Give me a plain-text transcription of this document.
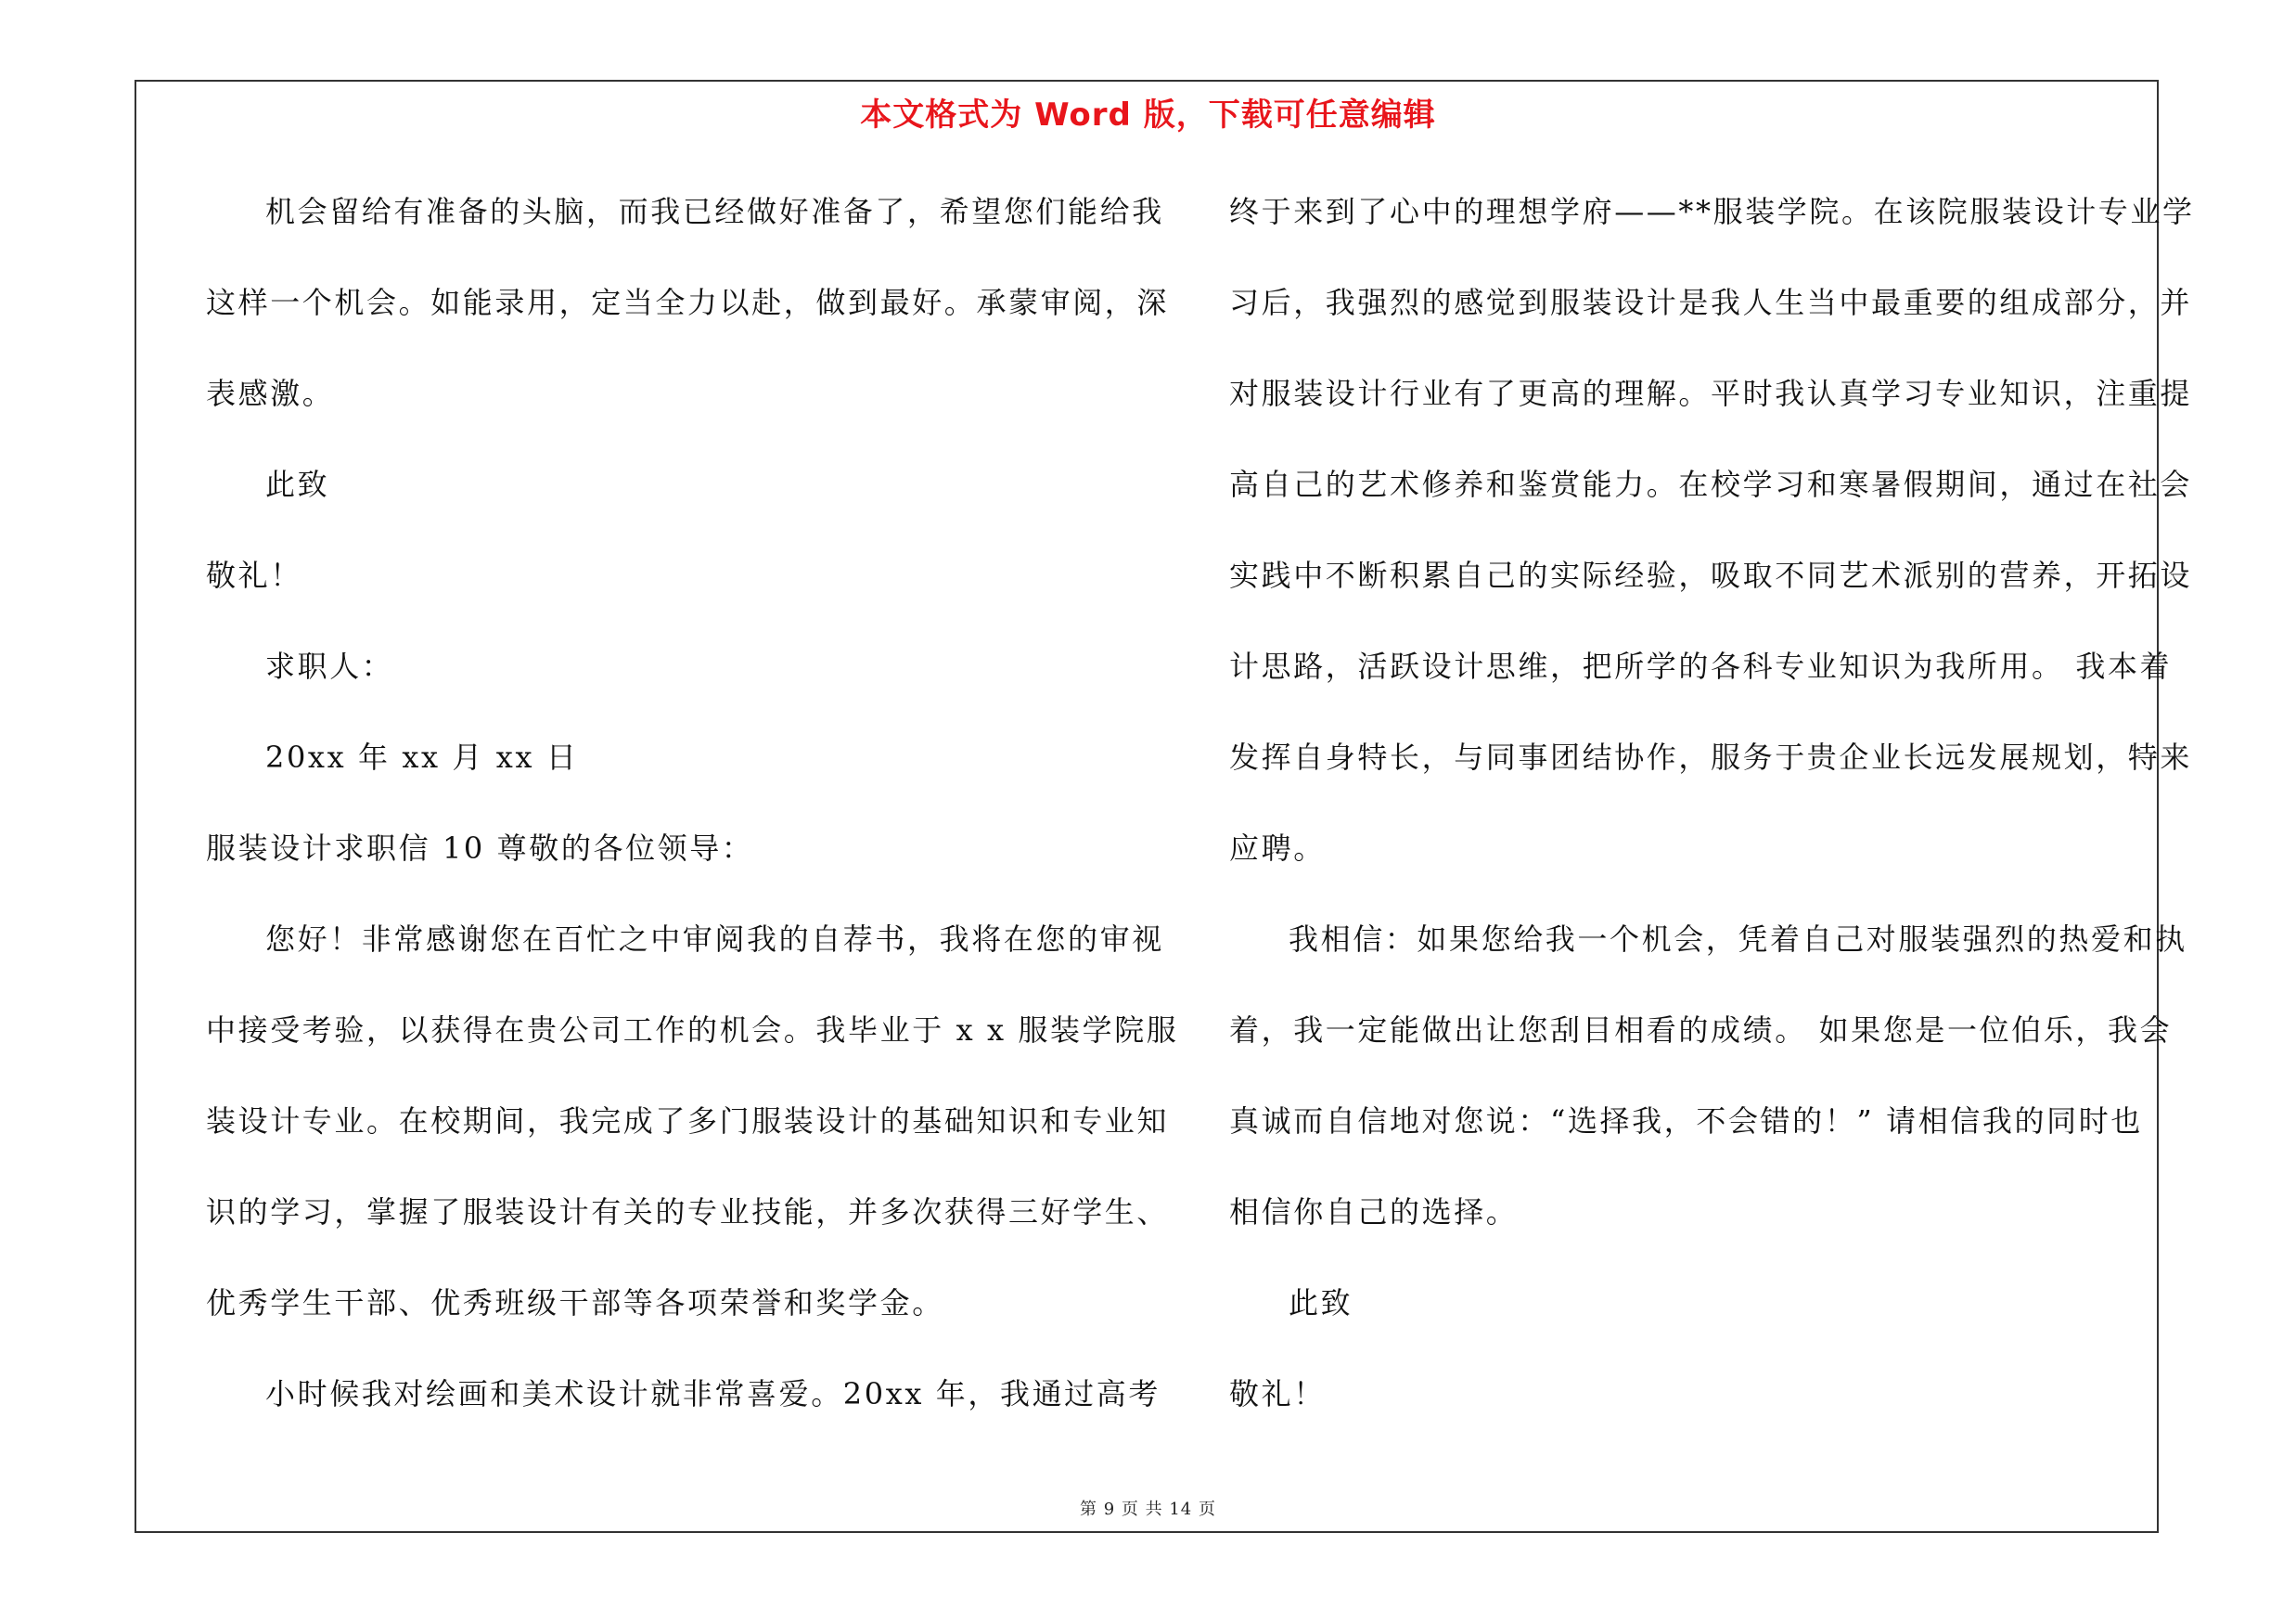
本文格式为 Word 版，下载可任意编辑
机会留给有准备的头脑，而我已经做好准备了，希望您们能给我
这样一个机会。如能录用，定当全力以赴，做到最好。承蒙审阅，深
表感激。
此致
敬礼！
求职人：
20xx 年 xx 月 xx 日
服装设计求职信 10 尊敬的各位领导：
您好！非常感谢您在百忙之中审阅我的自荐书，我将在您的审视
中接受考验，以获得在贵公司工作的机会。我毕业于 x x 服装学院服
装设计专业。在校期间，我完成了多门服装设计的基础知识和专业知
识的学习，掌握了服装设计有关的专业技能，并多次获得三好学生、
优秀学生干部、优秀班级干部等各项荣誉和奖学金。
小时候我对绘画和美术设计就非常喜爱。20xx 年，我通过高考
终于来到了心中的理想学府——**服装学院。在该院服装设计专业学
习后，我强烈的感觉到服装设计是我人生当中最重要的组成部分，并
对服装设计行业有了更高的理解。平时我认真学习专业知识，注重提
高自己的艺术修养和鉴赏能力。在校学习和寒暑假期间，通过在社会
实践中不断积累自己的实际经验，吸取不同艺术派别的营养，开拓设
计思路，活跃设计思维，把所学的各科专业知识为我所用。 我本着
发挥自身特长，与同事团结协作，服务于贵企业长远发展规划，特来
应聘。
我相信：如果您给我一个机会，凭着自己对服装强烈的热爱和执
着，我一定能做出让您刮目相看的成绩。 如果您是一位伯乐，我会
真诚而自信地对您说：“选择我，不会错的！” 请相信我的同时也
相信你自己的选择。
此致
敬礼！
第 9 页 共 14 页
